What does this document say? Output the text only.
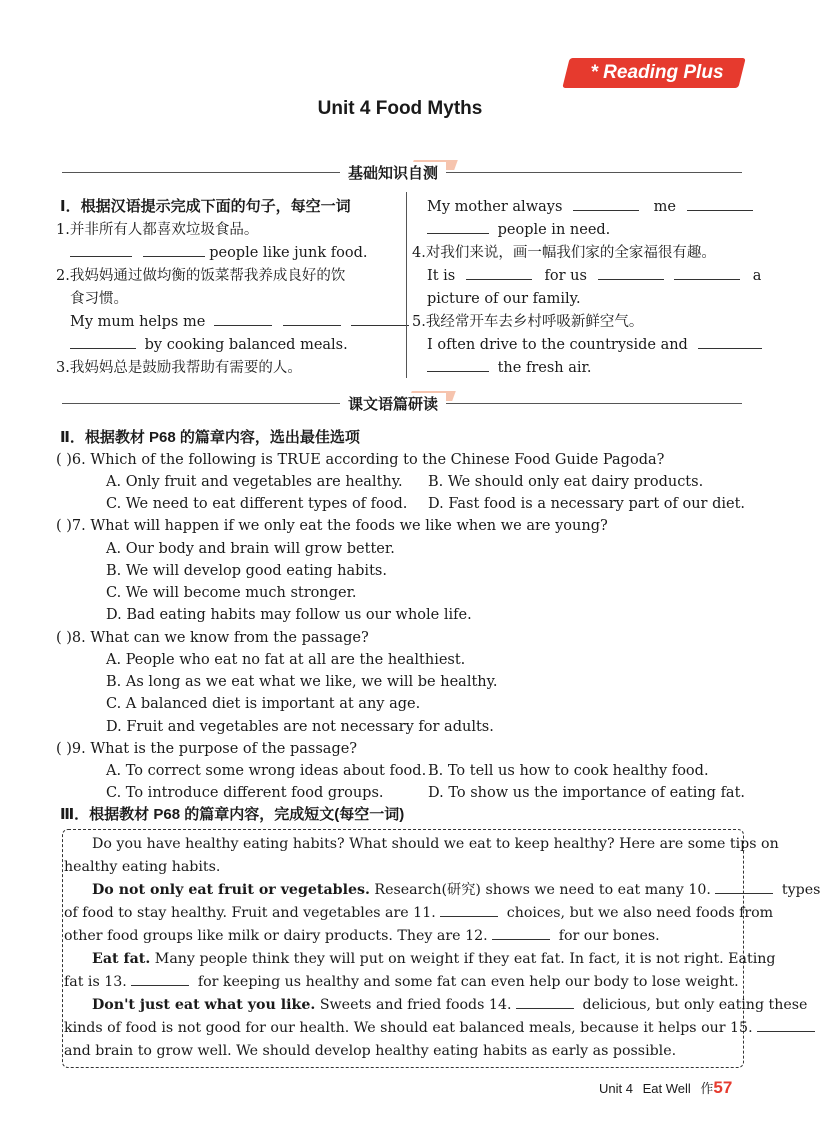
* Reading Plus
Unit 4 Food Myths
基础知识自测
Ⅰ．根据汉语提示完成下面的句子，每空一词
1.并非所有人都喜欢垃圾食品。
people like junk food.
2.我妈妈通过做均衡的饭菜帮我养成良好的饮
食习惯。
My mum helps me
by cooking balanced meals.
3.我妈妈总是鼓励我帮助有需要的人。
My mother always	me
people in need.
4.对我们来说，画一幅我们家的全家福很有趣。
It is	for us	a
picture of our family.
5.我经常开车去乡村呼吸新鲜空气。
I often drive to the countryside and
the fresh air.
课文语篇研读
Ⅱ．根据教材 P68 的篇章内容，选出最佳选项
( )6. Which of the following is TRUE according to the Chinese Food Guide Pagoda?
A. Only fruit and vegetables are healthy. B. We should only eat dairy products.
C. We need to eat different types of food. D. Fast food is a necessary part of our diet.
( )7. What will happen if we only eat the foods we like when we are young?
A. Our body and brain will grow better.
B. We will develop good eating habits.
C. We will become much stronger.
D. Bad eating habits may follow us our whole life.
( )8. What can we know from the passage?
A. People who eat no fat at all are the healthiest.
B. As long as we eat what we like, we will be healthy.
C. A balanced diet is important at any age.
D. Fruit and vegetables are not necessary for adults.
( )9. What is the purpose of the passage?
A. To correct some wrong ideas about food. B. To tell us how to cook healthy food.
C. To introduce different food groups.	D. To show us the importance of eating fat.
Ⅲ．根据教材 P68 的篇章内容，完成短文(每空一词)
Do you have healthy eating habits? What should we eat to keep healthy? Here are some tips on
healthy eating habits.
Do not only eat fruit or vegetables. Research(研究) shows we need to eat many 10.	types
of food to stay healthy. Fruit and vegetables are 11.	choices, but we also need foods from
other food groups like milk or dairy products. They are 12.	for our bones.
Eat fat. Many people think they will put on weight if they eat fat. In fact, it is not right. Eating
fat is 13.	for keeping us healthy and some fat can even help our body to lose weight.
Don't just eat what you like. Sweets and fried foods 14.	delicious, but only eating these
kinds of food is not good for our health. We should eat balanced meals, because it helps our 15.
and brain to grow well. We should develop healthy eating habits as early as possible.
Unit 4 Eat Well 作57
